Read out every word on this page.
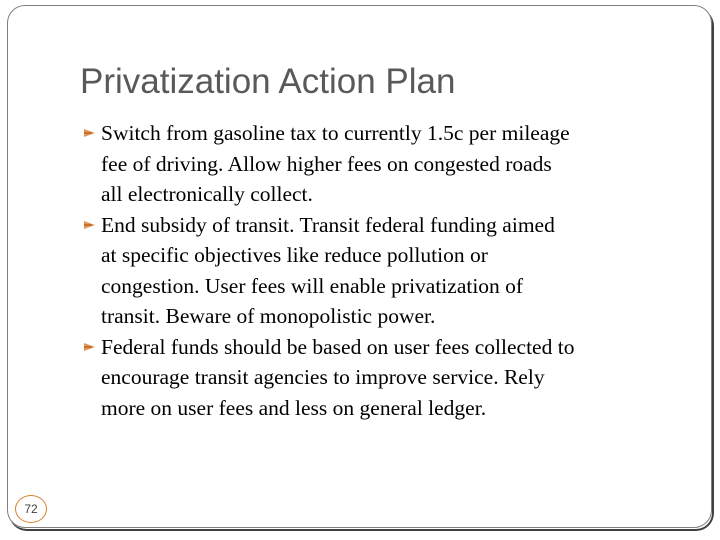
Privatization Action Plan
Switch from gasoline tax to currently 1.5c per mileage
fee of driving. Allow higher fees on congested roads
all electronically collect.
End subsidy of transit. Transit federal funding aimed
at specific objectives like reduce pollution or
congestion. User fees will enable privatization of
transit. Beware of monopolistic power.
Federal funds should be based on user fees collected to
encourage transit agencies to improve service. Rely
more on user fees and less on general ledger.
72
